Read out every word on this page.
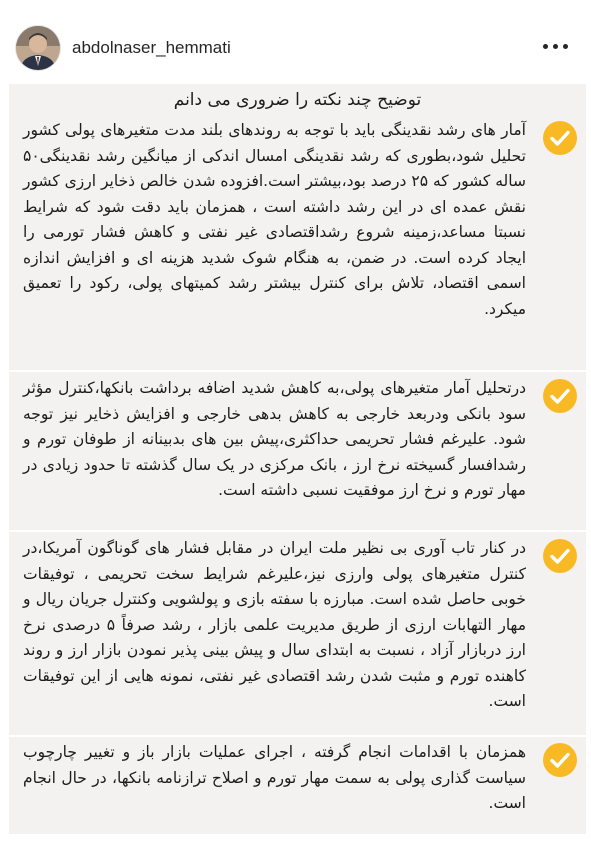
abdolnaser_hemmati
توضیح چند نکته را ضروری می دانم

آمار های رشد نقدینگی باید با توجه به روندهای بلند مدت متغیرهای پولی کشور تحلیل شود،بطوری که رشد نقدینگی امسال اندکی از میانگین رشد نقدینگی۵۰ ساله کشور که ۲۵ درصد بود،بیشتر است.افزوده شدن خالص ذخایر ارزی کشور نقش عمده ای در این رشد داشته است ، همزمان باید دقت شود که شرایط نسبتا مساعد،زمینه شروع رشداقتصادی غیر نفتی و کاهش فشار تورمی را ایجاد کرده است. در ضمن، به هنگام شوک شدید هزینه ای و افزایش اندازه اسمی اقتصاد، تلاش برای کنترل بیشتر رشد کمیتهای پولی، رکود را تعمیق میکرد.

درتحلیل آمار متغیرهای پولی،به کاهش شدید اضافه برداشت بانکها،کنترل مؤثر سود بانکی ودربعد خارجی به کاهش بدهی خارجی و افزایش ذخایر نیز توجه شود. علیرغم فشار تحریمی حداکثری،پیش بین های بدبینانه از طوفان تورم و رشدافسار گسیخته نرخ ارز ، بانک مرکزی در یک سال گذشته تا حدود زیادی در مهار تورم و نرخ ارز موفقیت نسبی داشته است.

در کنار تاب آوری بی نظیر ملت ایران در مقابل فشار های گوناگون آمریکا،در کنترل متغیرهای پولی وارزی نیز،علیرغم شرایط سخت تحریمی ، توفیقات خوبی حاصل شده است. مبارزه با سفته بازی و پولشویی وکنترل جریان ریال و مهار التهابات ارزی از طریق مدیریت علمی بازار ، رشد صرفاً ۵ درصدی نرخ ارز دربازار آزاد ، نسبت به ابتدای سال و پیش بینی پذیر نمودن بازار ارز و روند کاهنده تورم و مثبت شدن رشد اقتصادی غیر نفتی، نمونه هایی از این توفیقات است.

همزمان با اقدامات انجام گرفته ، اجرای عملیات بازار باز و تغییر چارچوب سیاست گذاری پولی به سمت مهار تورم و اصلاح ترازنامه بانکها، در حال انجام است.
